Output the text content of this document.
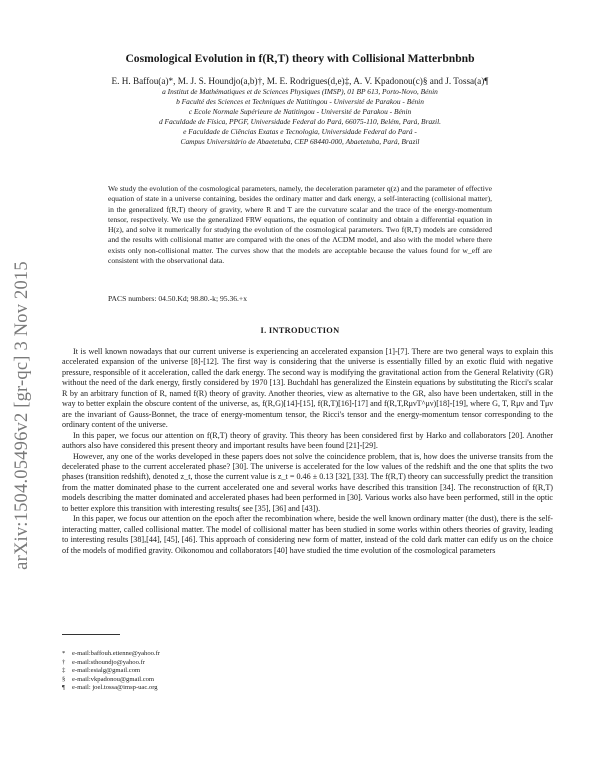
arXiv:1504.05496v2 [gr-qc] 3 Nov 2015
Cosmological Evolution in f(R,T) theory with Collisional Matterbnbnb
E. H. Baffou(a)*, M. J. S. Houndjo(a,b)†, M. E. Rodrigues(d,e)‡, A. V. Kpadonou(c)§ and J. Tossa(a)¶
a Institut de Mathématiques et de Sciences Physiques (IMSP), 01 BP 613, Porto-Novo, Bénin
b Faculté des Sciences et Techniques de Natitingou - Université de Parakou - Bénin
c Ecole Normale Supérieure de Natitingou - Université de Parakou - Bénin
d Faculdade de Física, PPGF, Universidade Federal do Pará, 66075-110, Belém, Pará, Brazil.
e Faculdade de Ciências Exatas e Tecnologia, Universidade Federal do Pará -
Campus Universitário de Abaetetuba, CEP 68440-000, Abaetetuba, Pará, Brazil
We study the evolution of the cosmological parameters, namely, the deceleration parameter q(z) and the parameter of effective equation of state in a universe containing, besides the ordinary matter and dark energy, a self-interacting (collisional matter), in the generalized f(R,T) theory of gravity, where R and T are the curvature scalar and the trace of the energy-momentum tensor, respectively. We use the generalized FRW equations, the equation of continuity and obtain a differential equation in H(z), and solve it numerically for studying the evolution of the cosmological parameters. Two f(R,T) models are considered and the results with collisional matter are compared with the ones of the ΛCDM model, and also with the model where there exists only non-collisional matter. The curves show that the models are acceptable because the values found for w_eff are consistent with the observational data.
PACS numbers: 04.50.Kd; 98.80.-k; 95.36.+x
I. INTRODUCTION

It is well known nowadays that our current universe is experiencing an accelerated expansion [1]-[7]. There are two general ways to explain this accelerated expansion of the universe [8]-[12]. The first way is considering that the universe is essentially filled by an exotic fluid with negative pressure, responsible of it acceleration, called the dark energy. The second way is modifying the gravitational action from the General Relativity (GR) without the need of the dark energy, firstly considered by 1970 [13]. Buchdahl has generalized the Einstein equations by substituting the Ricci's scalar R by an arbitrary function of R, named f(R) theory of gravity. Another theories, view as alternative to the GR, also have been undertaken, still in the way to better explain the obscure content of the universe, as, f(R,G)[14]-[15], f(R,T)[16]-[17] and f(R,T,RμνT^μν)[18]-[19], where G, T, Rμν and Tμν are the invariant of Gauss-Bonnet, the trace of energy-momentum tensor, the Ricci's tensor and the energy-momentum tensor corresponding to the ordinary content of the universe.

In this paper, we focus our attention on f(R,T) theory of gravity. This theory has been considered first by Harko and collaborators [20]. Another authors also have considered this present theory and important results have been found [21]-[29].

However, any one of the works developed in these papers does not solve the coincidence problem, that is, how does the universe transits from the decelerated phase to the current accelerated phase? [30]. The universe is accelerated for the low values of the redshift and the one that splits the two phases (transition redshift), denoted z_t, those the current value is z_t = 0.46 ± 0.13 [32], [33]. The f(R,T) theory can successfully predict the transition from the matter dominated phase to the current accelerated one and several works have described this transition [34]. The reconstruction of f(R,T) models describing the matter dominated and accelerated phases had been performed in [30]. Various works also have been performed, still in the optic to better explore this transition with interesting results( see [35], [36] and [43]).

In this paper, we focus our attention on the epoch after the recombination where, beside the well known ordinary matter (the dust), there is the self-interacting matter, called collisional matter. The model of collisional matter has been studied in some works within others theories of gravity, leading to interesting results [38],[44], [45], [46]. This approach of considering new form of matter, instead of the cold dark matter can edify us on the choice of the models of modified gravity. Oikonomou and collaborators [40] have studied the time evolution of the cosmological parameters

* e-mail:baffouh.etienne@yahoo.fr
† e-mail:sthoundjo@yahoo.fr
‡ e-mail:esialg@gmail.com
§ e-mail:vkpadonou@gmail.com
¶ e-mail: joel.tossa@imsp-uac.org
